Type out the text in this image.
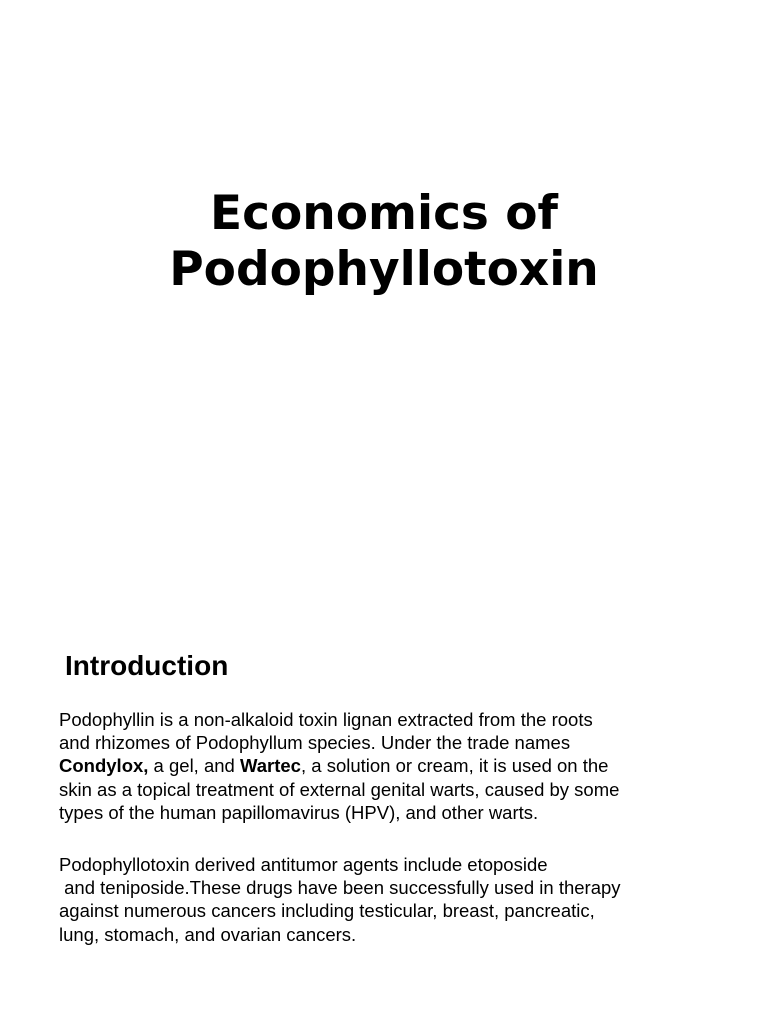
Economics of
Podophyllotoxin
Introduction

Podophyllin is a non-alkaloid toxin lignan extracted from the roots
and rhizomes of Podophyllum species. Under the trade names
Condylox, a gel, and Wartec, a solution or cream, it is used on the
skin as a topical treatment of external genital warts, caused by some
types of the human papillomavirus (HPV), and other warts.

Podophyllotoxin derived antitumor agents include etoposide
and teniposide.These drugs have been successfully used in therapy
against numerous cancers including testicular, breast, pancreatic,
lung, stomach, and ovarian cancers.
